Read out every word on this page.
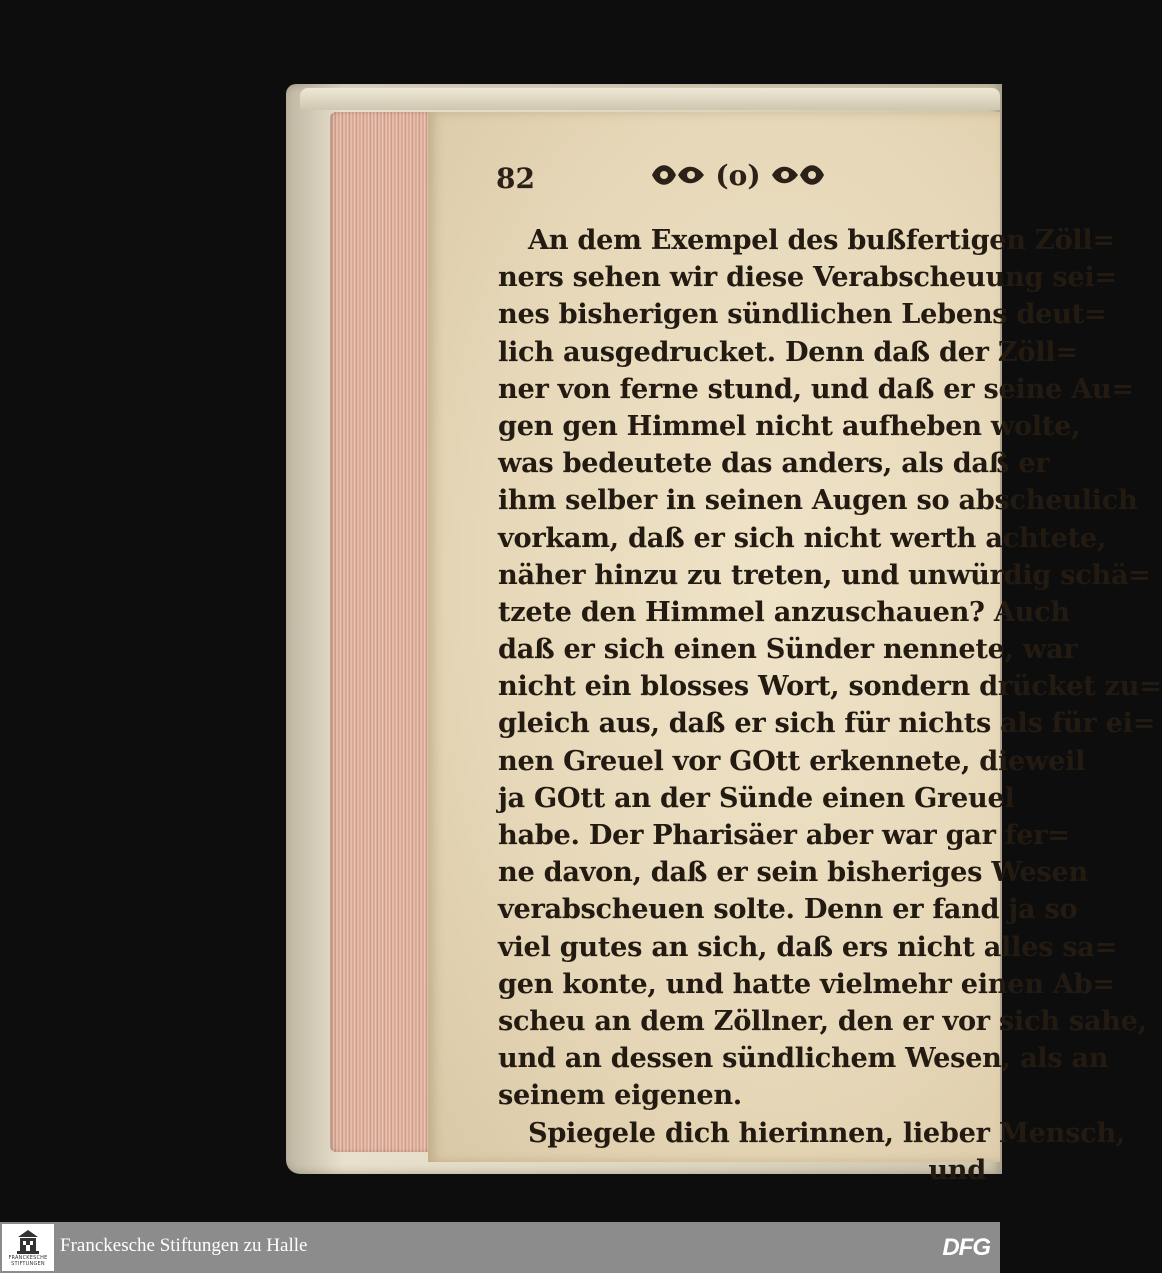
82	(o)
An dem Exempel des bußfertigen Zöll=
ners sehen wir diese Verabscheuung sei=
nes bisherigen sündlichen Lebens deut=
lich ausgedrucket. Denn daß der Zöll=
ner von ferne stund, und daß er seine Au=
gen gen Himmel nicht aufheben wolte,
was bedeutete das anders, als daß er
ihm selber in seinen Augen so abscheulich
vorkam, daß er sich nicht werth achtete,
näher hinzu zu treten, und unwürdig schä=
tzete den Himmel anzuschauen? Auch
daß er sich einen Sünder nennete, war
nicht ein blosses Wort, sondern drücket zu=
gleich aus, daß er sich für nichts als für ei=
nen Greuel vor GOtt erkennete, dieweil
ja GOtt an der Sünde einen Greuel
habe. Der Pharisäer aber war gar fer=
ne davon, daß er sein bisheriges Wesen
verabscheuen solte. Denn er fand ja so
viel gutes an sich, daß ers nicht alles sa=
gen konte, und hatte vielmehr einen Ab=
scheu an dem Zöllner, den er vor sich sahe,
und an dessen sündlichem Wesen, als an
seinem eigenen.
Spiegele dich hierinnen, lieber Mensch,
und
FRANCKESCHE
STIFTUNGEN
Franckesche Stiftungen zu Halle	DFG
